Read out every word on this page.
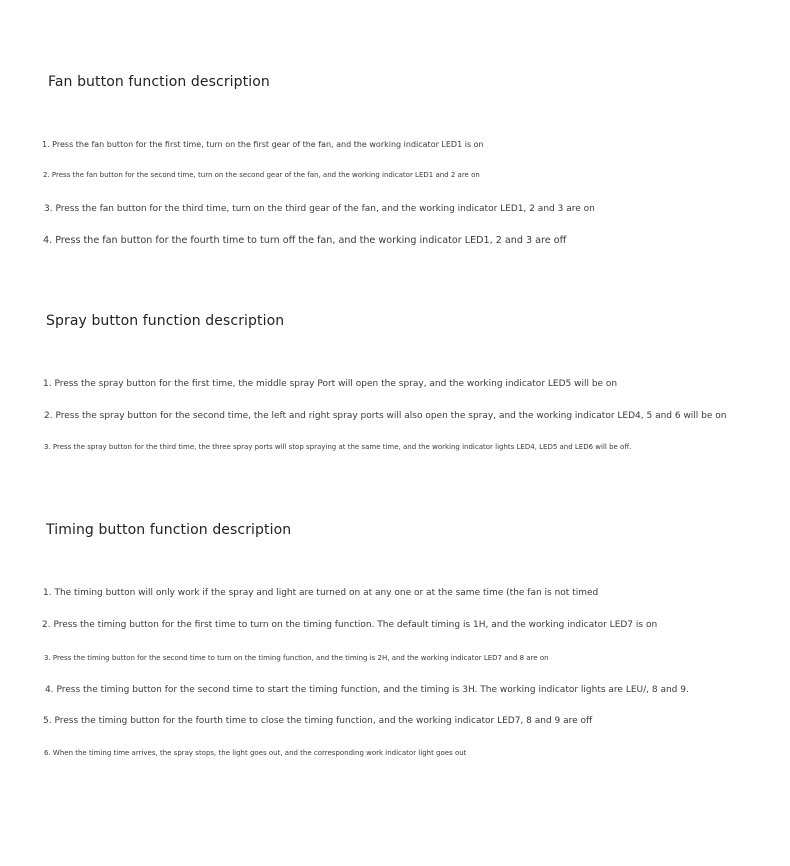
Fan button function description
1. Press the fan button for the first time, turn on the first gear of the fan, and the working indicator LED1 is on
2. Press the fan button for the second time, turn on the second gear of the fan, and the working indicator LED1 and 2 are on
3. Press the fan button for the third time, turn on the third gear of the fan, and the working indicator LED1, 2 and 3 are on
4. Press the fan button for the fourth time to turn off the fan, and the working indicator LED1, 2 and 3 are off
Spray button function description
1. Press the spray button for the first time, the middle spray Port will open the spray, and the working indicator LED5 will be on
2. Press the spray button for the second time, the left and right spray ports will also open the spray, and the working indicator LED4, 5 and 6 will be on
3. Press the spray button for the third time, the three spray ports will stop spraying at the same time, and the working indicator lights LED4, LED5 and LED6 will be off.
Timing button function description
1. The timing button will only work if the spray and light are turned on at any one or at the same time (the fan is not timed
2. Press the timing button for the first time to turn on the timing function. The default timing is 1H, and the working indicator LED7 is on
3. Press the timing button for the second time to turn on the timing function, and the timing is 2H, and the working indicator LED7 and 8 are on
4. Press the timing button for the second time to start the timing function, and the timing is 3H. The working indicator lights are LEU/, 8 and 9.
5. Press the timing button for the fourth time to close the timing function, and the working indicator LED7, 8 and 9 are off
6. When the timing time arrives, the spray stops, the light goes out, and the corresponding work indicator light goes out
